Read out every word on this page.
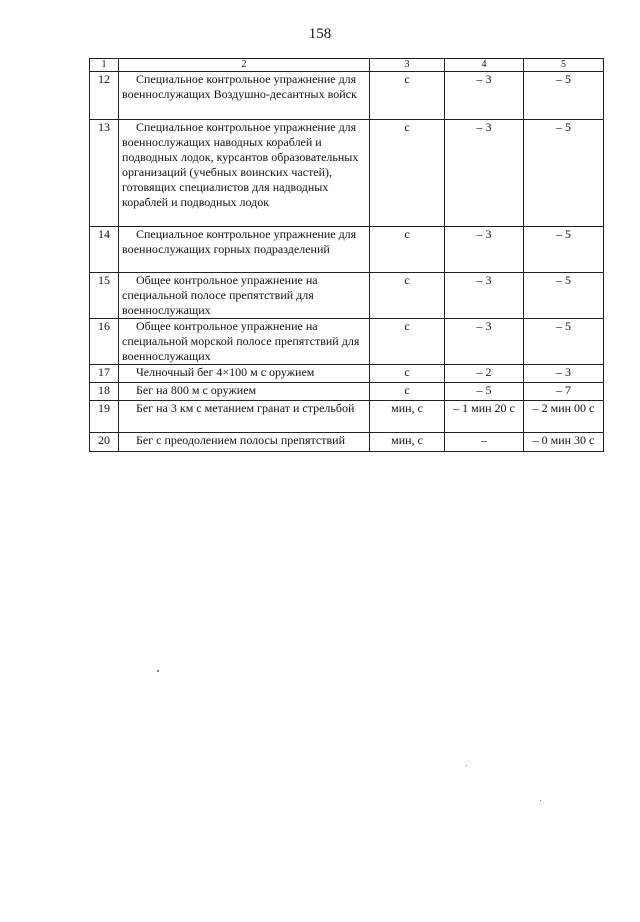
158
1	2	3	4	5
12	Специальное контрольное упражнение для военнослужащих Воздушно-десантных войск	с	– 3	– 5
13	Специальное контрольное упражнение для военнослужащих наводных кораблей и подводных лодок, курсантов образовательных организаций (учебных воинских частей), готовящих специалистов для надводных кораблей и подводных лодок	с	– 3	– 5
14	Специальное контрольное упражнение для военнослужащих горных подразделений	с	– 3	– 5
15	Общее контрольное упражнение на специальной полосе препятствий для военнослужащих	с	– 3	– 5
16	Общее контрольное упражнение на специальной морской полосе препятствий для военнослужащих	с	– 3	– 5
17	Челночный бег 4×100 м с оружием	с	– 2	– 3
18	Бег на 800 м с оружием	с	– 5	– 7
19	Бег на 3 км с метанием гранат и стрельбой	мин, с	– 1 мин 20 с	– 2 мин 00 с
20	Бег с преодолением полосы препятствий	мин, с	–	– 0 мин 30 с
